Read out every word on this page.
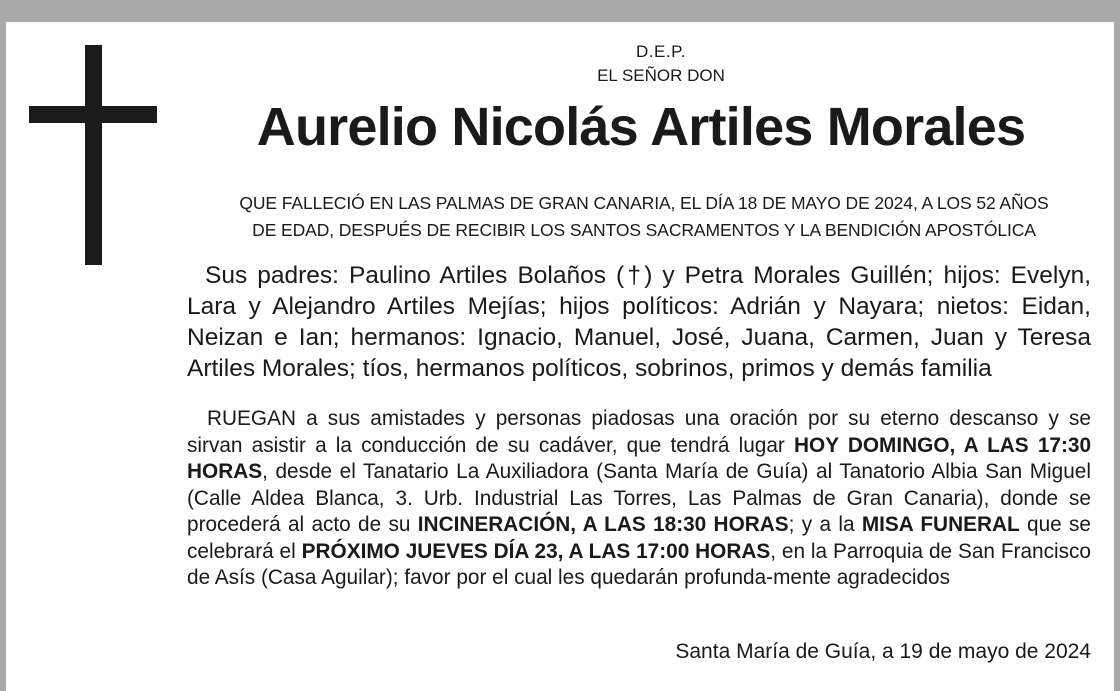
D.E.P.
EL SEÑOR DON
Aurelio Nicolás Artiles Morales
QUE FALLECIÓ EN LAS PALMAS DE GRAN CANARIA, EL DÍA 18 DE MAYO DE 2024, A LOS 52 AÑOS
DE EDAD, DESPUÉS DE RECIBIR LOS SANTOS SACRAMENTOS Y LA BENDICIÓN APOSTÓLICA
Sus padres: Paulino Artiles Bolaños (†) y Petra Morales Guillén; hijos: Evelyn, Lara y Alejandro Artiles Mejías; hijos políticos: Adrián y Nayara; nietos: Eidan, Neizan e Ian; hermanos: Ignacio, Manuel, José, Juana, Carmen, Juan y Teresa Artiles Morales; tíos, hermanos políticos, sobrinos, primos y demás familia
RUEGAN a sus amistades y personas piadosas una oración por su eterno descanso y se sirvan asistir a la conducción de su cadáver, que tendrá lugar HOY DOMINGO, A LAS 17:30 HORAS, desde el Tanatario La Auxiliadora (Santa María de Guía) al Tanatorio Albia San Miguel (Calle Aldea Blanca, 3. Urb. Industrial Las Torres, Las Palmas de Gran Canaria), donde se procederá al acto de su INCINERACIÓN, A LAS 18:30 HORAS; y a la MISA FUNERAL que se celebrará el PRÓXIMO JUEVES DÍA 23, A LAS 17:00 HORAS, en la Parroquia de San Francisco de Asís (Casa Aguilar); favor por el cual les quedarán profunda-mente agradecidos
Santa María de Guía, a 19 de mayo de 2024
